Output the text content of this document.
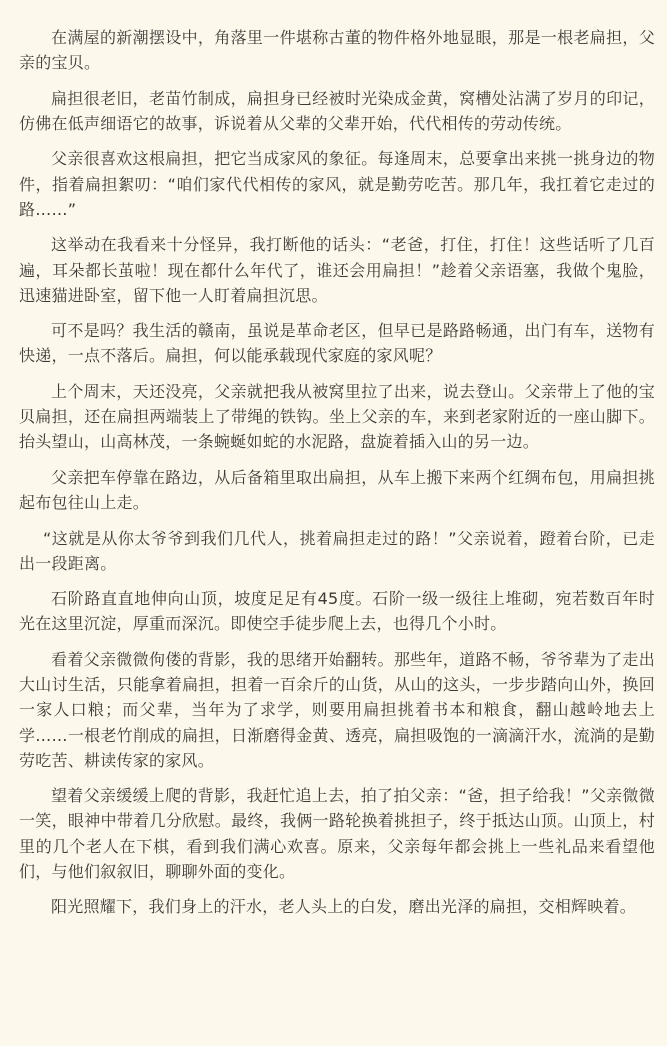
在满屋的新潮摆设中，角落里一件堪称古董的物件格外地显眼，那是一根老扁担，父亲的宝贝。

扁担很老旧，老苗竹制成，扁担身已经被时光染成金黄，窝槽处沾满了岁月的印记，仿佛在低声细语它的故事，诉说着从父辈的父辈开始，代代相传的劳动传统。

父亲很喜欢这根扁担，把它当成家风的象征。每逢周末，总要拿出来挑一挑身边的物件，指着扁担絮叨：“咱们家代代相传的家风，就是勤劳吃苦。那几年，我扛着它走过的路……”

这举动在我看来十分怪异，我打断他的话头：“老爸，打住，打住！这些话听了几百遍，耳朵都长茧啦！现在都什么年代了，谁还会用扁担！”趁着父亲语塞，我做个鬼脸，迅速猫进卧室，留下他一人盯着扁担沉思。

可不是吗？我生活的赣南，虽说是革命老区，但早已是路路畅通，出门有车，送物有快递，一点不落后。扁担，何以能承载现代家庭的家风呢？

上个周末，天还没亮，父亲就把我从被窝里拉了出来，说去登山。父亲带上了他的宝贝扁担，还在扁担两端装上了带绳的铁钩。坐上父亲的车，来到老家附近的一座山脚下。抬头望山，山高林茂，一条蜿蜒如蛇的水泥路，盘旋着插入山的另一边。

父亲把车停靠在路边，从后备箱里取出扁担，从车上搬下来两个红绸布包，用扁担挑起布包往山上走。

“这就是从你太爷爷到我们几代人，挑着扁担走过的路！”父亲说着，蹬着台阶，已走出一段距离。

石阶路直直地伸向山顶，坡度足足有45度。石阶一级一级往上堆砌，宛若数百年时光在这里沉淀，厚重而深沉。即使空手徒步爬上去，也得几个小时。

看着父亲微微佝偻的背影，我的思绪开始翻转。那些年，道路不畅，爷爷辈为了走出大山讨生活，只能拿着扁担，担着一百余斤的山货，从山的这头，一步步踏向山外，换回一家人口粮；而父辈，当年为了求学，则要用扁担挑着书本和粮食，翻山越岭地去上学……一根老竹削成的扁担，日渐磨得金黄、透亮，扁担吸饱的一滴滴汗水，流淌的是勤劳吃苦、耕读传家的家风。

望着父亲缓缓上爬的背影，我赶忙追上去，拍了拍父亲：“爸，担子给我！”父亲微微一笑，眼神中带着几分欣慰。最终，我俩一路轮换着挑担子，终于抵达山顶。山顶上，村里的几个老人在下棋，看到我们满心欢喜。原来，父亲每年都会挑上一些礼品来看望他们，与他们叙叙旧，聊聊外面的变化。

阳光照耀下，我们身上的汗水，老人头上的白发，磨出光泽的扁担，交相辉映着。
